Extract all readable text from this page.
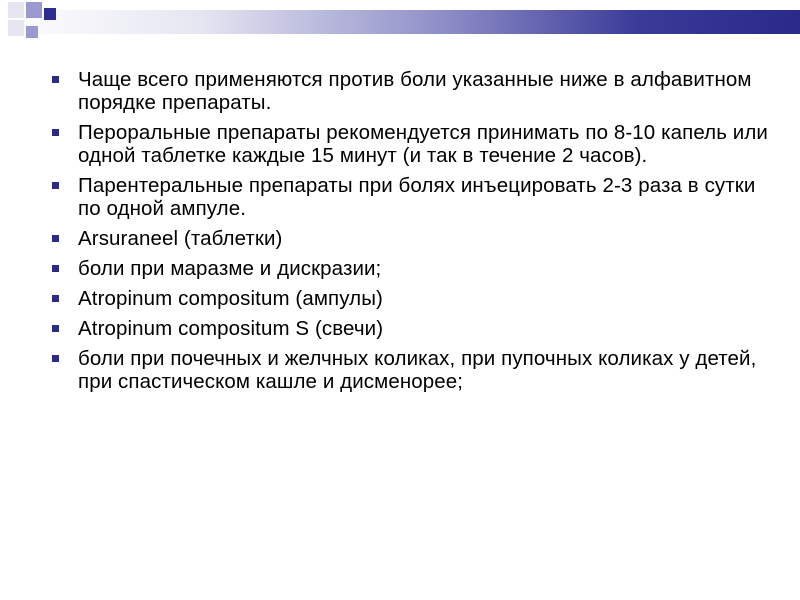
Чаще всего применяются против боли указанные ниже в алфавитном порядке препараты.
Пероральные препараты рекомендуется принимать по 8-10 капель или одной таблетке каждые 15 минут (и так в течение 2 часов).
Парентеральные препараты при болях инъецировать 2-3 раза в сутки по одной ампуле.
Arsuraneel (таблетки)
боли при маразме и дискразии;
Atropinum compositum (ампулы)
Atropinum compositum S (свечи)
боли при почечных и желчных коликах, при пупочных коликах у детей, при спастическом кашле и дисменорее;
